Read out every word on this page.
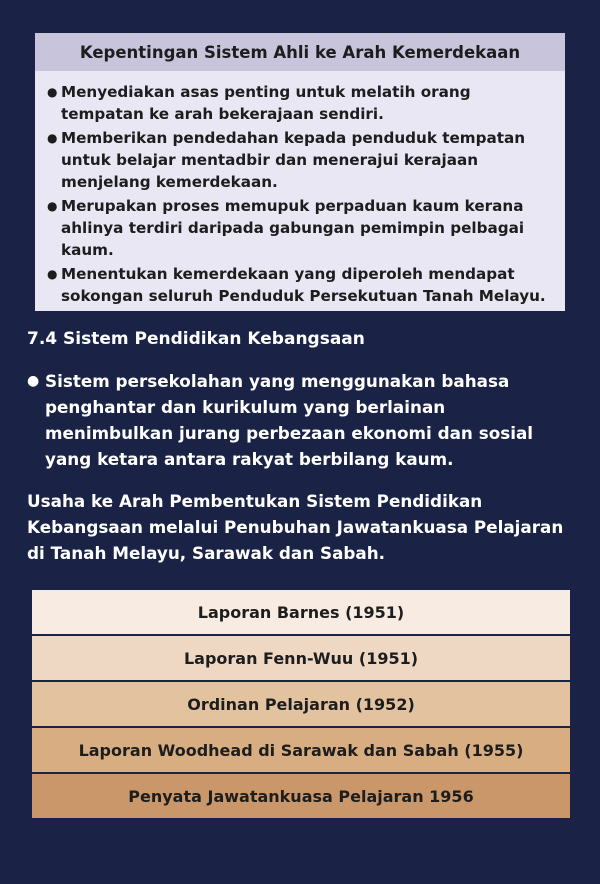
Kepentingan Sistem Ahli ke Arah Kemerdekaan
● Menyediakan asas penting untuk melatih orang tempatan ke arah bekerajaan sendiri.
● Memberikan pendedahan kepada penduduk tempatan untuk belajar mentadbir dan menerajui kerajaan menjelang kemerdekaan.
● Merupakan proses memupuk perpaduan kaum kerana ahlinya terdiri daripada gabungan pemimpin pelbagai kaum.
● Menentukan kemerdekaan yang diperoleh mendapat sokongan seluruh Penduduk Persekutuan Tanah Melayu.
7.4 Sistem Pendidikan Kebangsaan
● Sistem persekolahan yang menggunakan bahasa penghantar dan kurikulum yang berlainan menimbulkan jurang perbezaan ekonomi dan sosial yang ketara antara rakyat berbilang kaum.
Usaha ke Arah Pembentukan Sistem Pendidikan Kebangsaan melalui Penubuhan Jawatankuasa Pelajaran di Tanah Melayu, Sarawak dan Sabah.
Laporan Barnes (1951)
Laporan Fenn-Wuu (1951)
Ordinan Pelajaran (1952)
Laporan Woodhead di Sarawak dan Sabah (1955)
Penyata Jawatankuasa Pelajaran 1956
